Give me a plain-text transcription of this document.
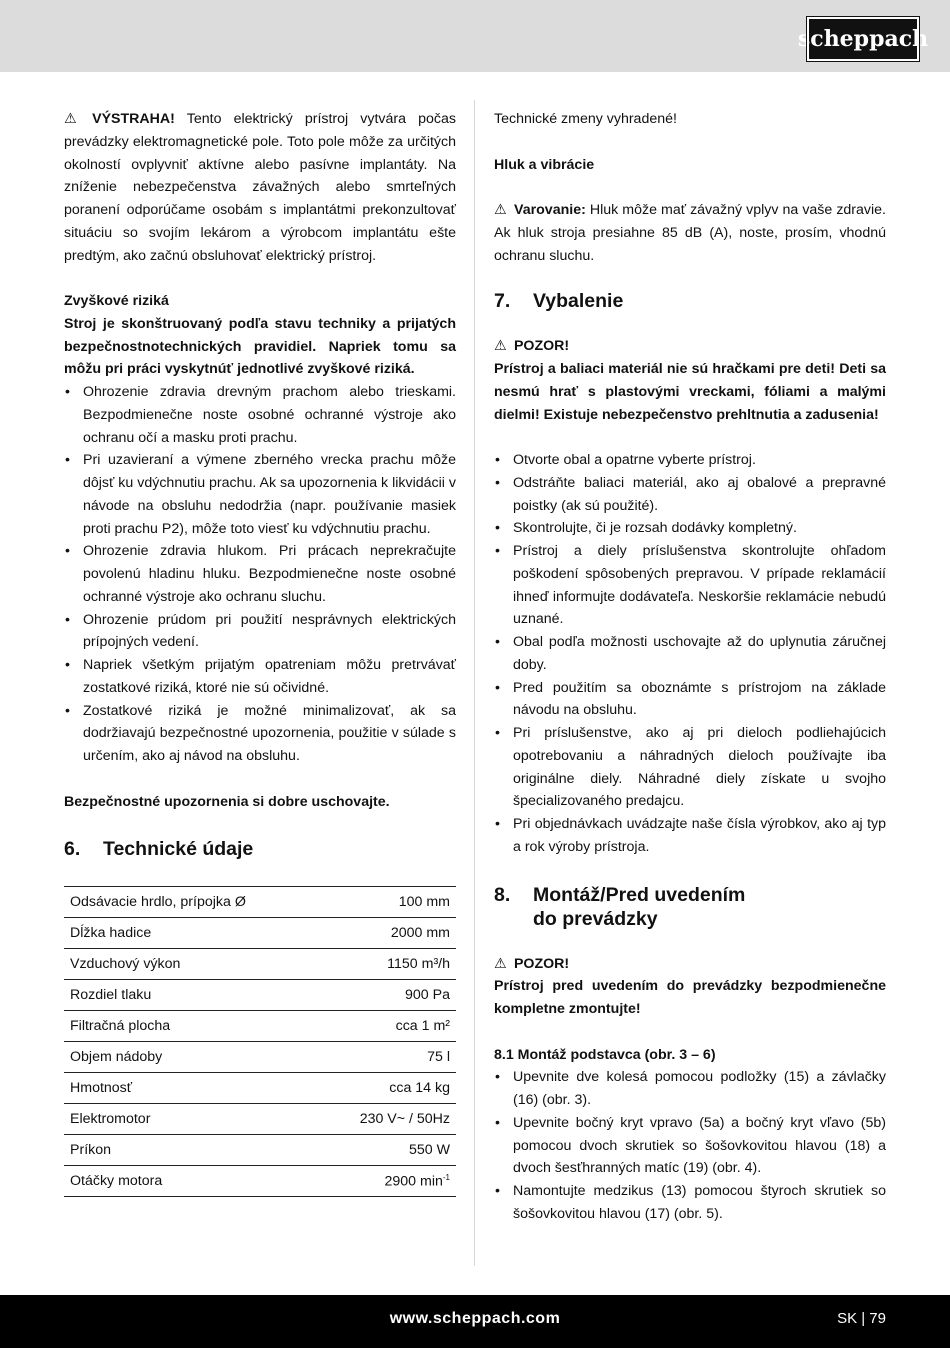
scheppach

⚠ VÝSTRAHA! Tento elektrický prístroj vytvára počas prevádzky elektromagnetické pole. Toto pole môže za určitých okolností ovplyvniť aktívne alebo pasívne implantáty. Na zníženie nebezpečenstva závažných alebo smrteľných poranení odporúčame osobám s implantátmi prekonzultovať situáciu so svojím lekárom a výrobcom implantátu ešte predtým, ako začnú obsluhovať elektrický prístroj.

Zvyškové riziká

Stroj je skonštruovaný podľa stavu techniky a prijatých bezpečnostnotechnických pravidiel. Napriek tomu sa môžu pri práci vyskytnúť jednotlivé zvyškové riziká.

• Ohrozenie zdravia drevným prachom alebo trieskami. Bezpodmienečne noste osobné ochranné výstroje ako ochranu očí a masku proti prachu.
• Pri uzavieraní a výmene zberného vrecka prachu môže dôjsť ku vdýchnutiu prachu. Ak sa upozornenia k likvidácii v návode na obsluhu nedodržia (napr. používanie masiek proti prachu P2), môže toto viesť ku vdýchnutiu prachu.
• Ohrozenie zdravia hlukom. Pri prácach neprekračujte povolenú hladinu hluku. Bezpodmienečne noste osobné ochranné výstroje ako ochranu sluchu.
• Ohrozenie prúdom pri použití nesprávnych elektrických prípojných vedení.
• Napriek všetkým prijatým opatreniam môžu pretrvávať zostatkové riziká, ktoré nie sú očividné.
• Zostatkové riziká je možné minimalizovať, ak sa dodržiavajú bezpečnostné upozornenia, použitie v súlade s určením, ako aj návod na obsluhu.

Bezpečnostné upozornenia si dobre uschovajte.

6.	Technické údaje
Odsávacie hrdlo, prípojka Ø	100 mm
Dĺžka hadice	2000 mm
Vzduchový výkon	1150 m³/h
Rozdiel tlaku	900 Pa
Filtračná plocha	cca 1 m²
Objem nádoby	75 l
Hmotnosť	cca 14 kg
Elektromotor	230 V~ / 50Hz
Príkon	550 W
Otáčky motora	2900 $\min^{-1}$

Technické zmeny vyhradené!

Hluk a vibrácie

⚠ Varovanie: Hluk môže mať závažný vplyv na vaše zdravie. Ak hluk stroja presiahne 85 dB (A), noste, prosím, vhodnú ochranu sluchu.

7.	Vybalenie

⚠ POZOR!

Prístroj a baliaci materiál nie sú hračkami pre deti! Deti sa nesmú hrať s plastovými vreckami, fóliami a malými dielmi! Existuje nebezpečenstvo prehltnutia a zadusenia!

• Otvorte obal a opatrne vyberte prístroj.
• Odstráňte baliaci materiál, ako aj obalové a prepravné poistky (ak sú použité).
• Skontrolujte, či je rozsah dodávky kompletný.
• Prístroj a diely príslušenstva skontrolujte ohľadom poškodení spôsobených prepravou. V prípade reklamácií ihneď informujte dodávateľa. Neskoršie reklamácie nebudú uznané.
• Obal podľa možnosti uschovajte až do uplynutia záručnej doby.
• Pred použitím sa oboznámte s prístrojom na základe návodu na obsluhu.
• Pri príslušenstve, ako aj pri dieloch podliehajúcich opotrebovaniu a náhradných dieloch používajte iba originálne diely. Náhradné diely získate u svojho špecializovaného predajcu.
• Pri objednávkach uvádzajte naše čísla výrobkov, ako aj typ a rok výroby prístroja.
8.	Montáž/Pred uvedením
do prevádzky

⚠ POZOR!

Prístroj pred uvedením do prevádzky bezpodmienečne kompletne zmontujte!

8.1 Montáž podstavca (obr. 3 – 6)

• Upevnite dve kolesá pomocou podložky (15) a závlačky (16) (obr. 3).
• Upevnite bočný kryt vpravo (5a) a bočný kryt vľavo (5b) pomocou dvoch skrutiek so šošovkovitou hlavou (18) a dvoch šesťhranných matíc (19) (obr. 4).
• Namontujte medzikus (13) pomocou štyroch skrutiek so šošovkovitou hlavou (17) (obr. 5).
www.scheppach.com	SK | 79
